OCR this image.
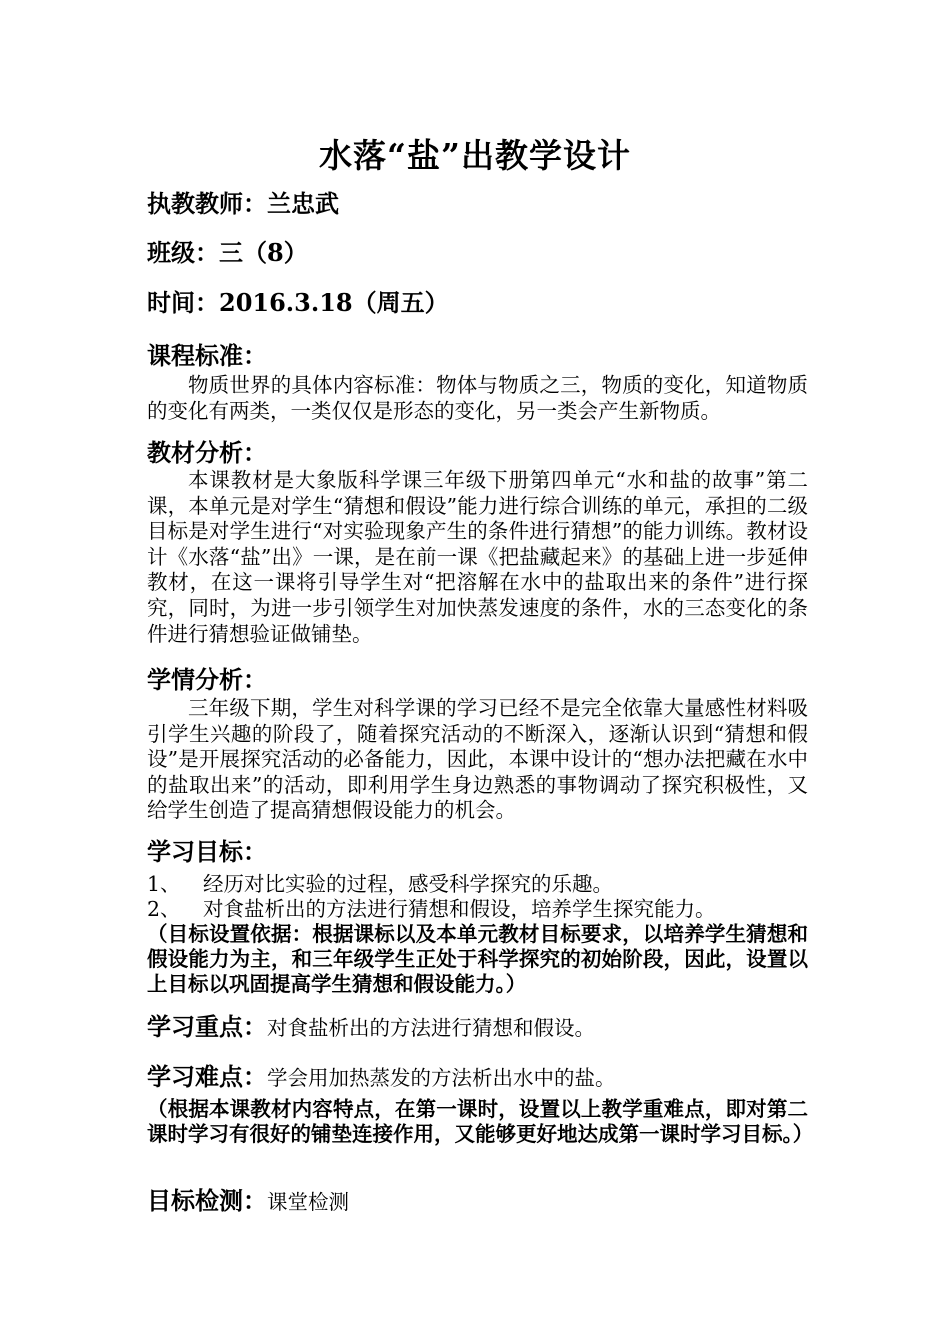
水落“盐”出教学设计
执教教师：兰忠武
班级：三（8）
时间：2016.3.18（周五）
课程标准：

物质世界的具体内容标准：物体与物质之三，物质的变化，知道物质的变化有两类，一类仅仅是形态的变化，另一类会产生新物质。

教材分析：

本课教材是大象版科学课三年级下册第四单元“水和盐的故事”第二课，本单元是对学生“猜想和假设”能力进行综合训练的单元，承担的二级目标是对学生进行“对实验现象产生的条件进行猜想”的能力训练。教材设计《水落“盐”出》一课，是在前一课《把盐藏起来》的基础上进一步延伸教材，在这一课将引导学生对“把溶解在水中的盐取出来的条件”进行探究，同时，为进一步引领学生对加快蒸发速度的条件，水的三态变化的条件进行猜想验证做铺垫。

学情分析：

三年级下期，学生对科学课的学习已经不是完全依靠大量感性材料吸引学生兴趣的阶段了，随着探究活动的不断深入，逐渐认识到“猜想和假设”是开展探究活动的必备能力，因此，本课中设计的“想办法把藏在水中的盐取出来”的活动，即利用学生身边熟悉的事物调动了探究积极性，又给学生创造了提高猜想假设能力的机会。

学习目标：
1、 经历对比实验的过程，感受科学探究的乐趣。
2、 对食盐析出的方法进行猜想和假设，培养学生探究能力。

（目标设置依据：根据课标以及本单元教材目标要求，以培养学生猜想和假设能力为主，和三年级学生正处于科学探究的初始阶段，因此，设置以上目标以巩固提高学生猜想和假设能力。）

学习重点：对食盐析出的方法进行猜想和假设。
学习难点：学会用加热蒸发的方法析出水中的盐。

（根据本课教材内容特点，在第一课时，设置以上教学重难点，即对第二课时学习有很好的铺垫连接作用，又能够更好地达成第一课时学习目标。）

目标检测：课堂检测
